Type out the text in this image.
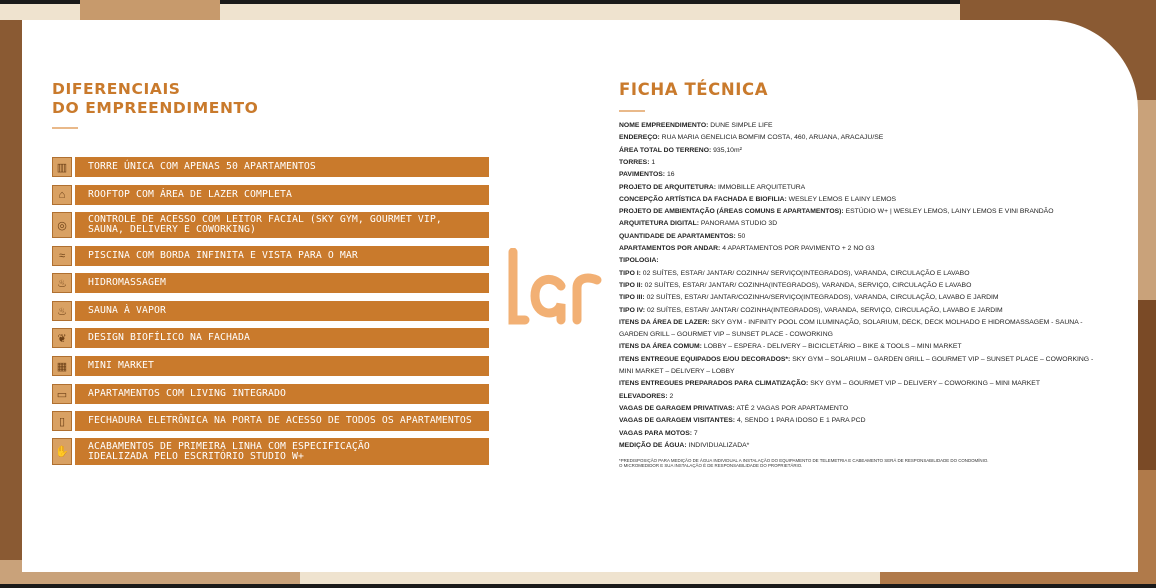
DIFERENCIAIS
DO EMPREENDIMENTO
▥	TORRE ÚNICA COM APENAS 50 APARTAMENTOS
⌂	ROOFTOP COM ÁREA DE LAZER COMPLETA
◎	CONTROLE DE ACESSO COM LEITOR FACIAL (SKY GYM, GOURMET VIP,
SAUNA, DELIVERY E COWORKING)
≈	PISCINA COM BORDA INFINITA E VISTA PARA O MAR
♨	HIDROMASSAGEM
♨	SAUNA À VAPOR
❦	DESIGN BIOFÍLICO NA FACHADA
▦	MINI MARKET
▭	APARTAMENTOS COM LIVING INTEGRADO
▯	FECHADURA ELETRÔNICA NA PORTA DE ACESSO DE TODOS OS APARTAMENTOS
✋	ACABAMENTOS DE PRIMEIRA LINHA COM ESPECIFICAÇÃO
IDEALIZADA PELO ESCRITÓRIO STUDIO W+
FICHA TÉCNICA
NOME EMPREENDIMENTO: DUNE SIMPLE LIFE
ENDEREÇO: RUA MARIA GENELICIA BOMFIM COSTA, 460, ARUANA, ARACAJU/SE
ÁREA TOTAL DO TERRENO: 935,10m²
TORRES: 1
PAVIMENTOS: 16
PROJETO DE ARQUITETURA: IMMOBILLE ARQUITETURA
CONCEPÇÃO ARTÍSTICA DA FACHADA E BIOFILIA: WESLEY LEMOS E LAINY LEMOS
PROJETO DE AMBIENTAÇÃO (ÁREAS COMUNS E APARTAMENTOS): ESTÚDIO W+ | WESLEY LEMOS, LAINY LEMOS E VINI BRANDÃO
ARQUITETURA DIGITAL: PANORAMA STUDIO 3D
QUANTIDADE DE APARTAMENTOS: 50
APARTAMENTOS POR ANDAR: 4 APARTAMENTOS POR PAVIMENTO + 2 NO G3
TIPOLOGIA:
TIPO I: 02 SUÍTES, ESTAR/ JANTAR/ COZINHA/ SERVIÇO(INTEGRADOS), VARANDA, CIRCULAÇÃO E LAVABO
TIPO II: 02 SUÍTES, ESTAR/ JANTAR/ COZINHA(INTEGRADOS), VARANDA, SERVIÇO, CIRCULAÇÃO E LAVABO
TIPO III: 02 SUÍTES, ESTAR/ JANTAR/COZINHA/SERVIÇO(INTEGRADOS), VARANDA, CIRCULAÇÃO, LAVABO E JARDIM
TIPO IV: 02 SUÍTES, ESTAR/ JANTAR/ COZINHA(INTEGRADOS), VARANDA, SERVIÇO, CIRCULAÇÃO, LAVABO E JARDIM
ITENS DA ÁREA DE LAZER: SKY GYM - INFINITY POOL COM ILUMINAÇÃO, SOLARIUM, DECK, DECK MOLHADO E HIDROMASSAGEM - SAUNA -
GARDEN GRILL – GOURMET VIP – SUNSET PLACE - COWORKING
ITENS DA ÁREA COMUM: LOBBY – ESPERA - DELIVERY – BICICLETÁRIO – BIKE & TOOLS – MINI MARKET
ITENS ENTREGUE EQUIPADOS E/OU DECORADOS*: SKY GYM – SOLARIUM – GARDEN GRILL – GOURMET VIP – SUNSET PLACE – COWORKING -
MINI MARKET – DELIVERY – LOBBY
ITENS ENTREGUES PREPARADOS PARA CLIMATIZAÇÃO: SKY GYM – GOURMET VIP – DELIVERY – COWORKING – MINI MARKET
ELEVADORES: 2
VAGAS DE GARAGEM PRIVATIVAS: ATÉ 2 VAGAS POR APARTAMENTO
VAGAS DE GARAGEM VISITANTES: 4, SENDO 1 PARA IDOSO E 1 PARA PCD
VAGAS PARA MOTOS: 7
MEDIÇÃO DE ÁGUA: INDIVIDUALIZADA*
*PREDISPOSIÇÃO PARA MEDIÇÃO DE ÁGUA INDIVIDUAL A INSTALAÇÃO DO EQUIPAMENTO DE TELEMETRIA E CABEAMENTO SERÁ DE RESPONSABILIDADE DO CONDOMÍNIO.
O MICROMEDIDOR E SUA INSTALAÇÃO É DE RESPONSABILIDADE DO PROPRIETÁRIO.
lar
